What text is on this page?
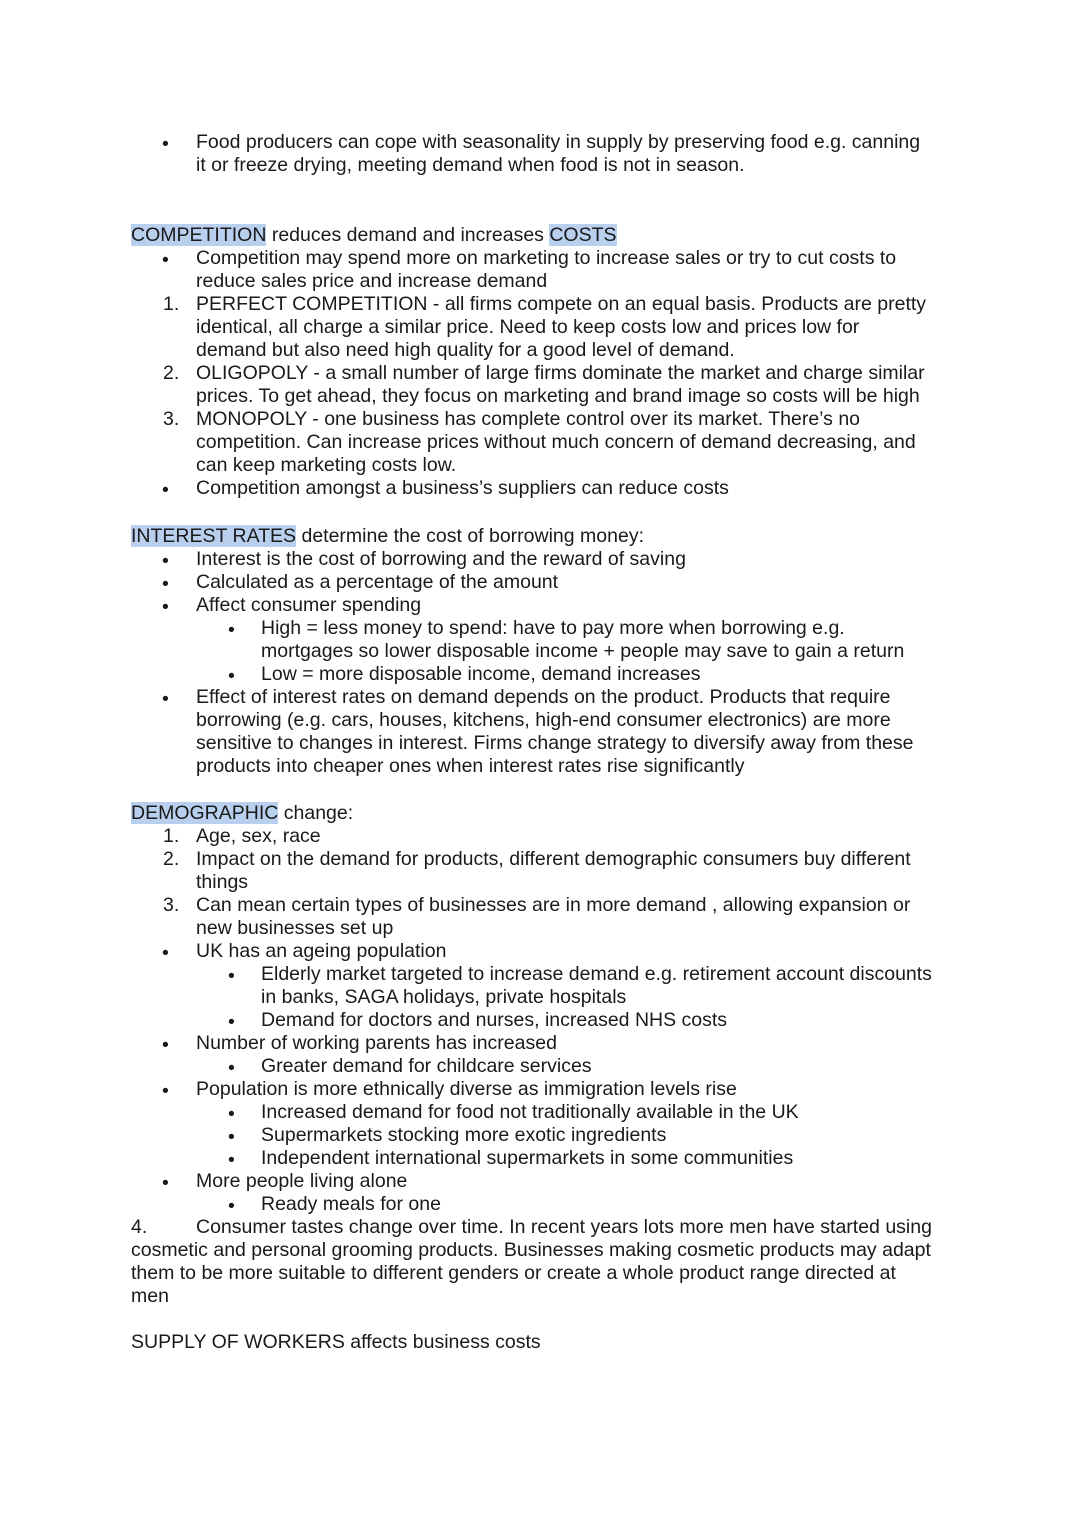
• Food producers can cope with seasonality in supply by preserving food e.g. canning
it or freeze drying, meeting demand when food is not in season.
COMPETITION reduces demand and increases COSTS
• Competition may spend more on marketing to increase sales or try to cut costs to
reduce sales price and increase demand
1. PERFECT COMPETITION - all firms compete on an equal basis. Products are pretty
identical, all charge a similar price. Need to keep costs low and prices low for
demand but also need high quality for a good level of demand.
2. OLIGOPOLY - a small number of large firms dominate the market and charge similar
prices. To get ahead, they focus on marketing and brand image so costs will be high
3. MONOPOLY - one business has complete control over its market. There’s no
competition. Can increase prices without much concern of demand decreasing, and
can keep marketing costs low.
• Competition amongst a business’s suppliers can reduce costs
INTEREST RATES determine the cost of borrowing money:
• Interest is the cost of borrowing and the reward of saving
• Calculated as a percentage of the amount
• Affect consumer spending
• High = less money to spend: have to pay more when borrowing e.g.
mortgages so lower disposable income + people may save to gain a return
• Low = more disposable income, demand increases
• Effect of interest rates on demand depends on the product. Products that require
borrowing (e.g. cars, houses, kitchens, high-end consumer electronics) are more
sensitive to changes in interest. Firms change strategy to diversify away from these
products into cheaper ones when interest rates rise significantly
DEMOGRAPHIC change:
1. Age, sex, race
2. Impact on the demand for products, different demographic consumers buy different
things
3. Can mean certain types of businesses are in more demand , allowing expansion or
new businesses set up
• UK has an ageing population
• Elderly market targeted to increase demand e.g. retirement account discounts
in banks, SAGA holidays, private hospitals
• Demand for doctors and nurses, increased NHS costs
• Number of working parents has increased
• Greater demand for childcare services
• Population is more ethnically diverse as immigration levels rise
• Increased demand for food not traditionally available in the UK
• Supermarkets stocking more exotic ingredients
• Independent international supermarkets in some communities
• More people living alone
• Ready meals for one
4. Consumer tastes change over time. In recent years lots more men have started using
cosmetic and personal grooming products. Businesses making cosmetic products may adapt
them to be more suitable to different genders or create a whole product range directed at
men
SUPPLY OF WORKERS affects business costs
